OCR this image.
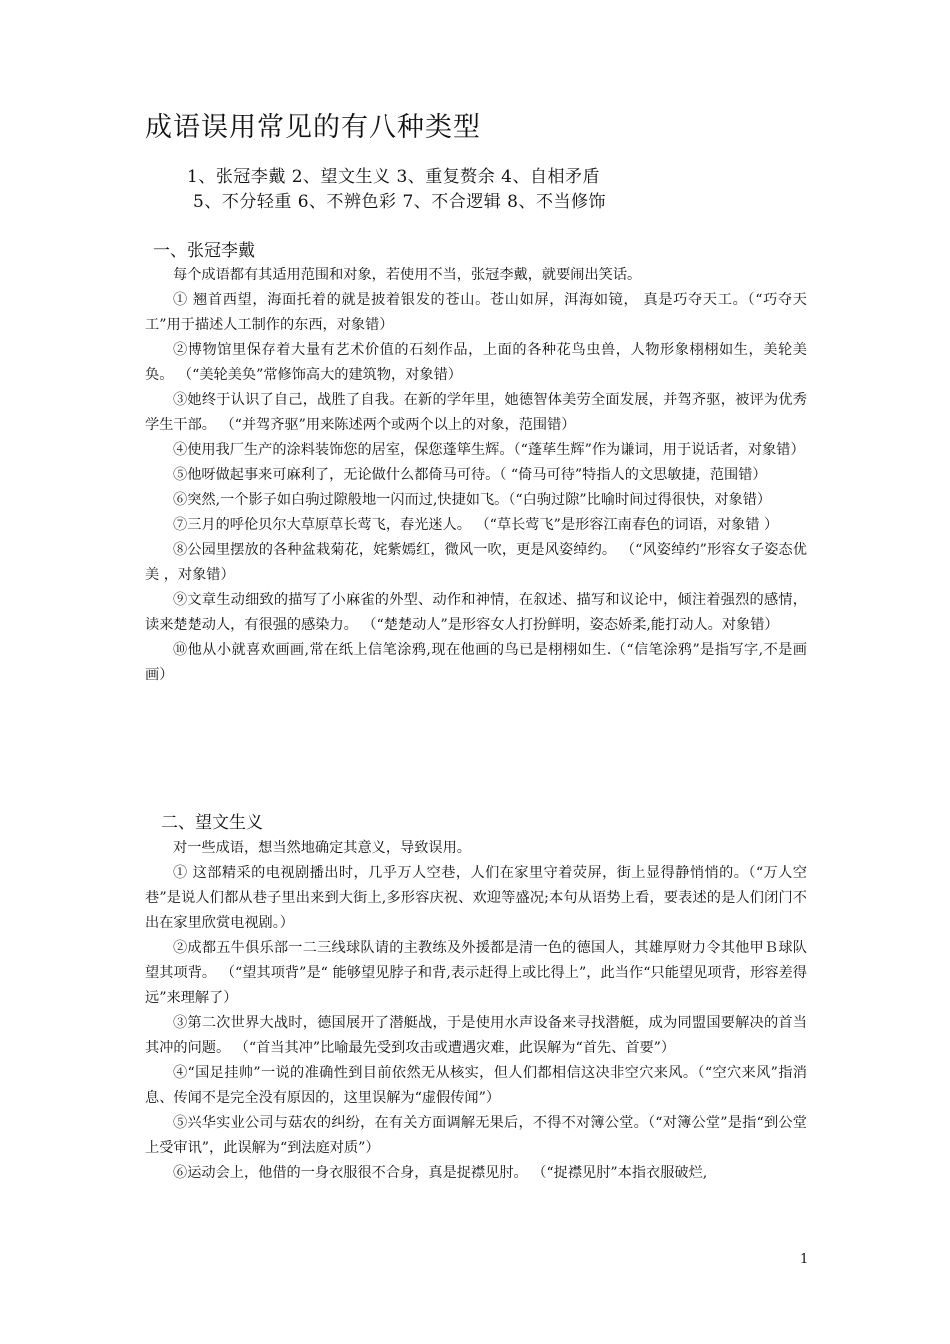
成语误用常见的有八种类型
1、张冠李戴 2、望文生义 3、重复赘余 4、自相矛盾
5、不分轻重 6、不辨色彩 7、不合逻辑 8、不当修饰
一、张冠李戴

每个成语都有其适用范围和对象，若使用不当，张冠李戴，就要闹出笑话。

① 翘首西望，海面托着的就是披着银发的苍山。苍山如屏，洱海如镜， 真是巧夺天工。（“巧夺天工”用于描述人工制作的东西，对象错）

②博物馆里保存着大量有艺术价值的石刻作品，上面的各种花鸟虫兽，人物形象栩栩如生，美轮美奂。 （“美轮美奂”常修饰高大的建筑物，对象错）

③她终于认识了自己，战胜了自我。在新的学年里，她德智体美劳全面发展，并驾齐驱，被评为优秀学生干部。 （“并驾齐驱”用来陈述两个或两个以上的对象，范围错）

④使用我厂生产的涂料装饰您的居室，保您蓬筚生辉。（“蓬荜生辉”作为谦词，用于说话者，对象错）

⑤他呀做起事来可麻利了，无论做什么都倚马可待。（ “倚马可待”特指人的文思敏捷，范围错）

⑥突然,一个影子如白驹过隙般地一闪而过,快捷如飞。（“白驹过隙”比喻时间过得很快，对象错）

⑦三月的呼伦贝尔大草原草长莺飞，春光迷人。 （“草长莺飞”是形容江南春色的词语，对象错 ）

⑧公园里摆放的各种盆栽菊花，姹紫嫣红，微风一吹，更是风姿绰约。 （“风姿绰约”形容女子姿态优美 ，对象错）

⑨文章生动细致的描写了小麻雀的外型、动作和神情，在叙述、描写和议论中，倾注着强烈的感情，读来楚楚动人，有很强的感染力。 （“楚楚动人”是形容女人打扮鲜明，姿态娇柔,能打动人。对象错）

⑩他从小就喜欢画画,常在纸上信笔涂鸦,现在他画的鸟已是栩栩如生.（“信笔涂鸦”是指写字,不是画画）

二、望文生义

对一些成语，想当然地确定其意义，导致误用。

① 这部精采的电视剧播出时，几乎万人空巷，人们在家里守着荧屏，街上显得静悄悄的。（“万人空巷”是说人们都从巷子里出来到大街上,多形容庆祝、欢迎等盛况;本句从语势上看，要表述的是人们闭门不出在家里欣赏电视剧。）

②成都五牛俱乐部一二三线球队请的主教练及外援都是清一色的德国人，其雄厚财力令其他甲Ｂ球队望其项背。 （“望其项背”是“ 能够望见脖子和背,表示赶得上或比得上”，此当作“只能望见项背，形容差得远”来理解了）

③第二次世界大战时，德国展开了潜艇战，于是使用水声设备来寻找潜艇，成为同盟国要解决的首当其冲的问题。 （“首当其冲”比喻最先受到攻击或遭遇灾难，此误解为“首先、首要”）

④“国足挂帅”一说的准确性到目前依然无从核实，但人们都相信这决非空穴来风。（“空穴来风”指消息、传闻不是完全没有原因的，这里误解为“虚假传闻”）

⑤兴华实业公司与菇农的纠纷，在有关方面调解无果后，不得不对簿公堂。（“对簿公堂”是指“到公堂上受审讯”，此误解为“到法庭对质”）

⑥运动会上，他借的一身衣服很不合身，真是捉襟见肘。 （“捉襟见肘”本指衣服破烂,

1
